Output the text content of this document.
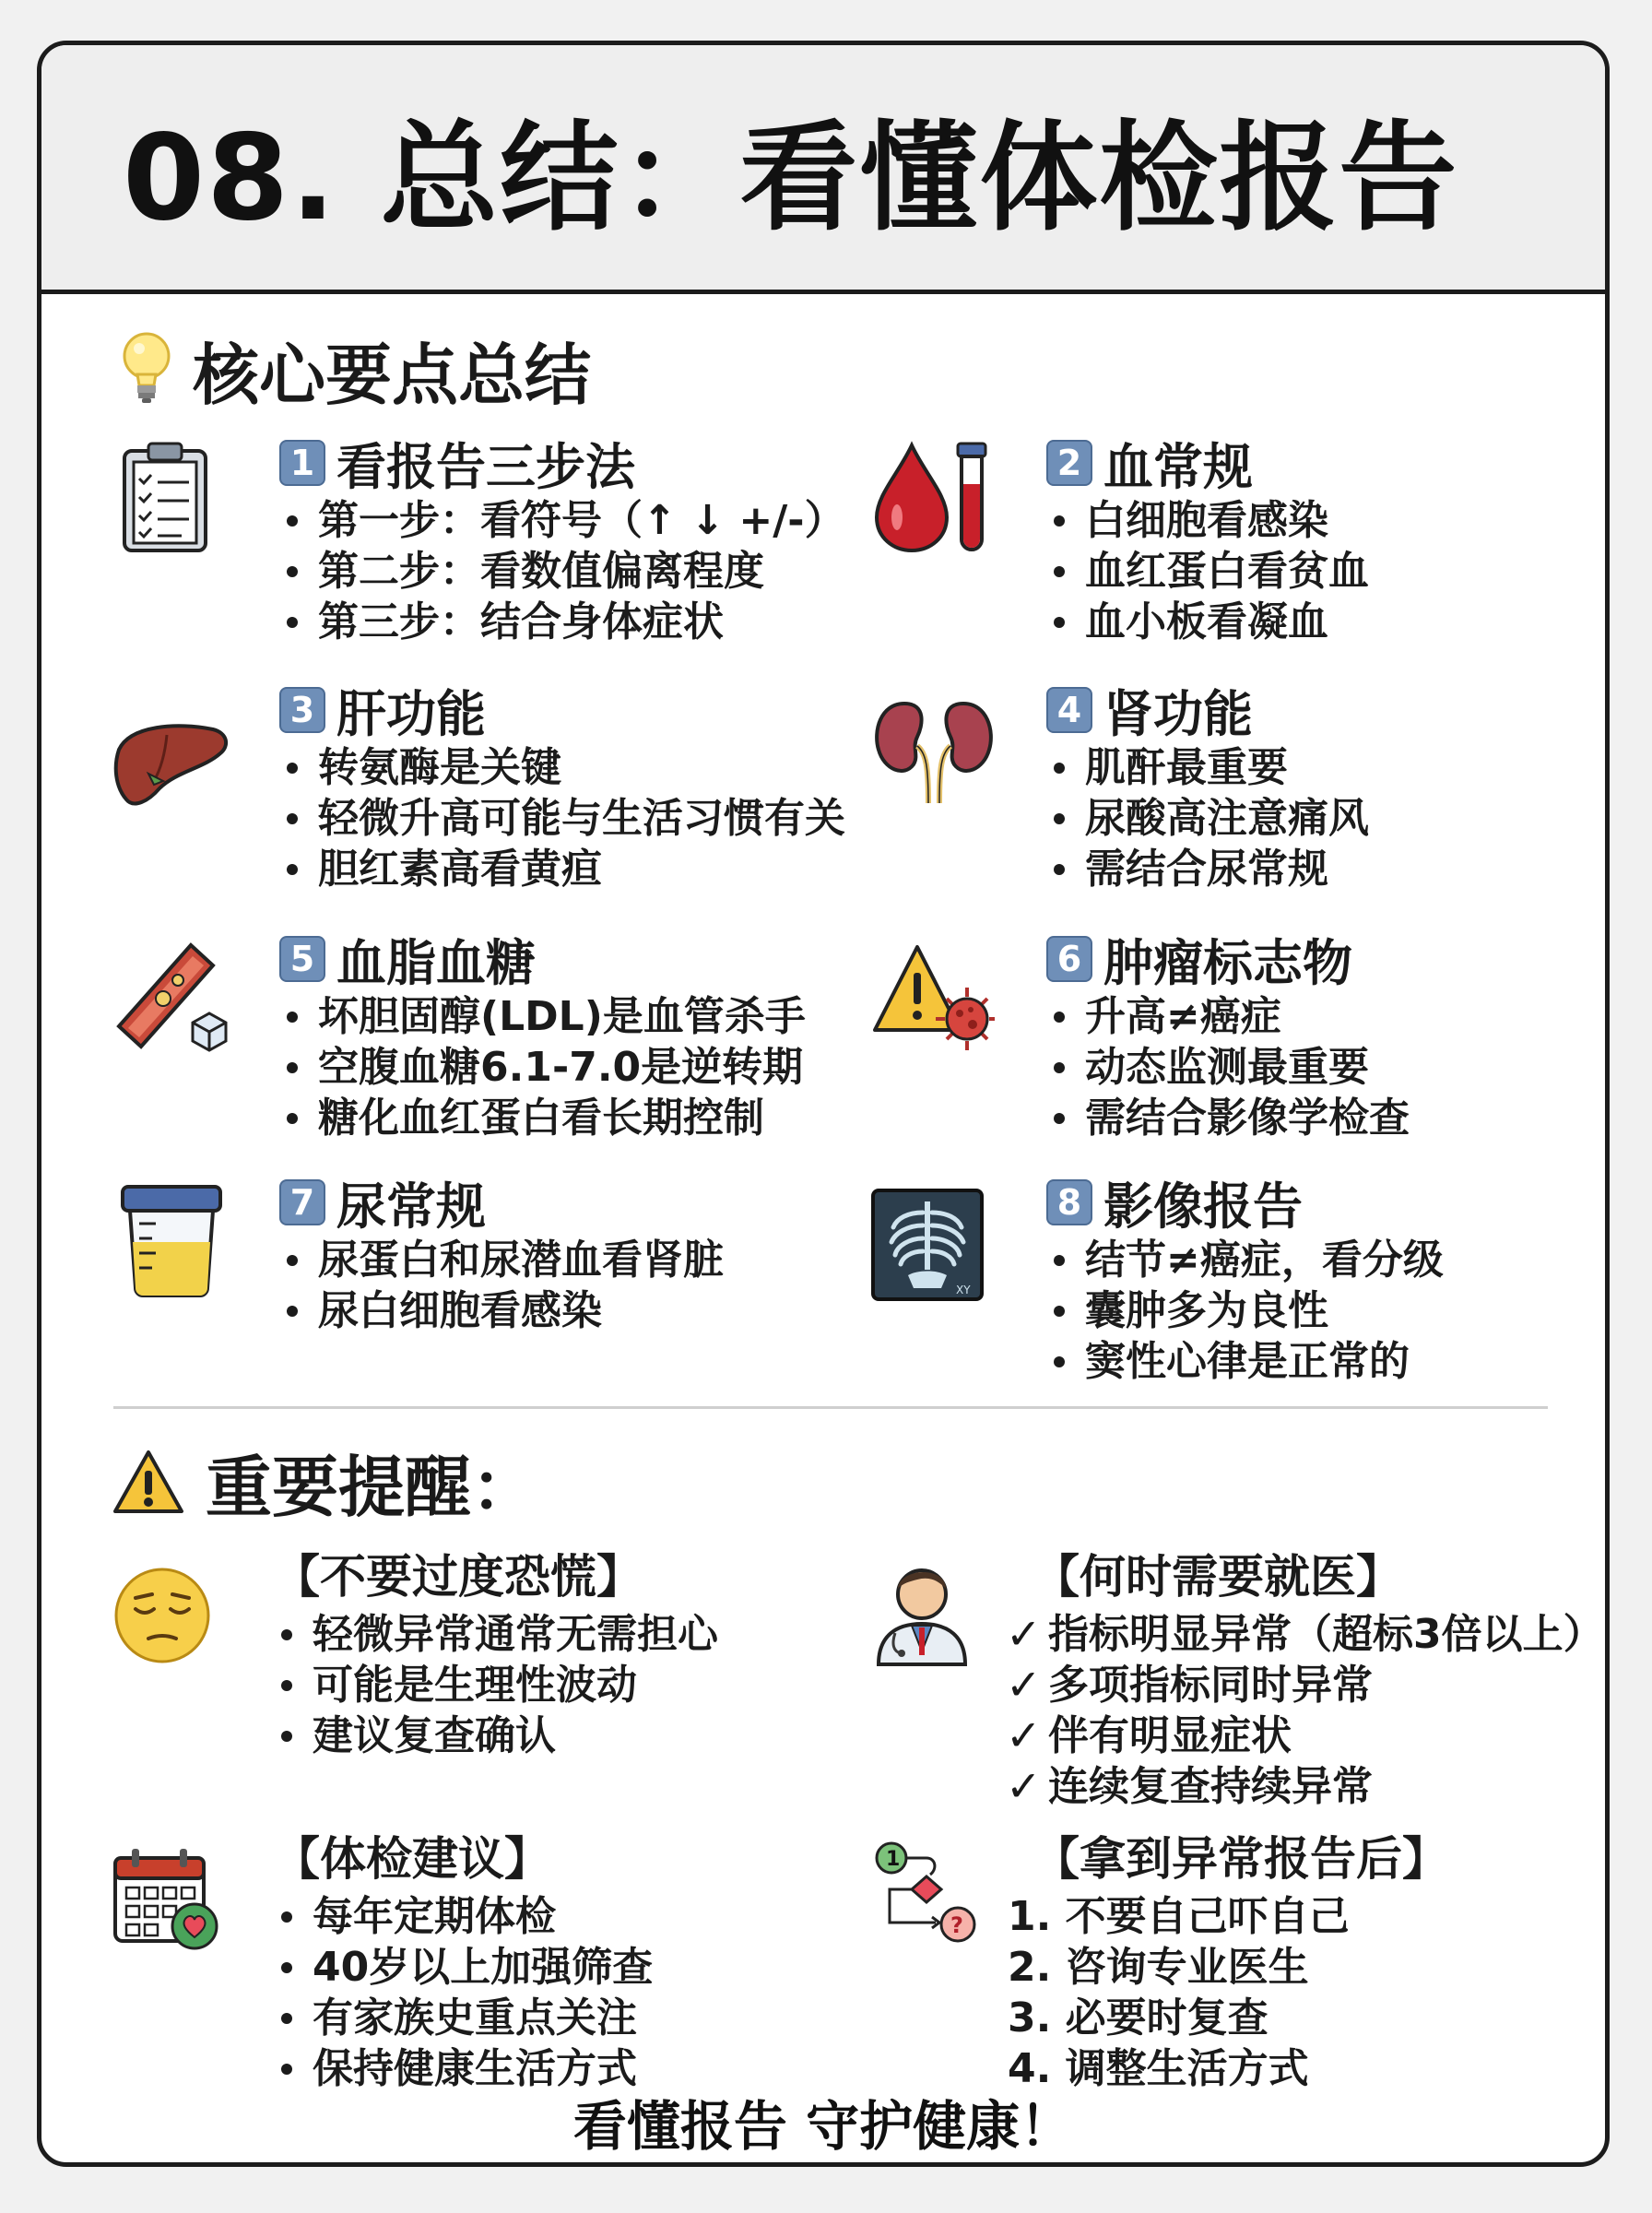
08. 总结：看懂体检报告
核心要点总结
1 看报告三步法
第一步：看符号（↑ ↓ +/-）
第二步：看数值偏离程度
第三步：结合身体症状
2 血常规
白细胞看感染
血红蛋白看贫血
血小板看凝血
3 肝功能
转氨酶是关键
轻微升高可能与生活习惯有关
胆红素高看黄疸
4 肾功能
肌酐最重要
尿酸高注意痛风
需结合尿常规
5 血脂血糖
坏胆固醇(LDL)是血管杀手
空腹血糖6.1-7.0是逆转期
糖化血红蛋白看长期控制
6 肿瘤标志物
升高≠癌症
动态监测最重要
需结合影像学检查
7 尿常规
尿蛋白和尿潜血看肾脏
尿白细胞看感染	XY
8 影像报告
结节≠癌症，看分级
囊肿多为良性
窦性心律是正常的
重要提醒：
【不要过度恐慌】
轻微异常通常无需担心
可能是生理性波动
建议复查确认
【何时需要就医】
✓ 指标明显异常（超标3倍以上）
✓ 多项指标同时异常
✓ 伴有明显症状
✓ 连续复查持续异常
【体检建议】
每年定期体检
40岁以上加强筛查
有家族史重点关注
保持健康生活方式
1
?
【拿到异常报告后】
1. 不要自己吓自己
2. 咨询专业医生
3. 必要时复查
4. 调整生活方式
看懂报告 守护健康！
